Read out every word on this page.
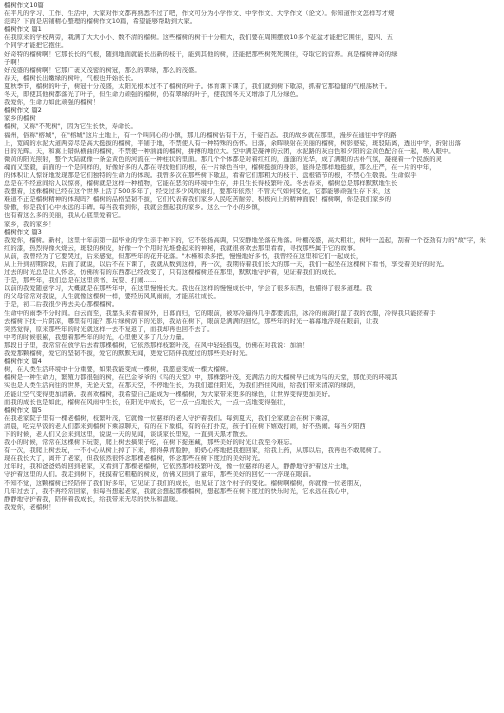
榴树作文10篇
在平凡的学习、工作、生活中，大家对作文都再熟悉不过了吧，作文可分为小学作文、中学作文、大学作文（论文）。你知道作文怎样写才规
范吗？下面是店铺精心整理的榴树作文10篇，希望能够帮助到大家。
榴树作文 篇1
在我原来的学校两旁，栽满了大大小小、数不清的榴树。这些榴树的树干十分粗大，我们要在周围摆放10多个花盆才能把它围住，夏四、五
个同学才能把它抱住。
好奇特的榴树啊！它那长长的气根，随到地面就能长出新的枝干，能到其他的树，还能把那些树死死围住，夺取它的营养。真是榴树神奇的绿
子啊！
好茂盛的榴树啊！它那广袤又茂密的树冠，那么的翠绿，那么的茂盛。
春天，榴树长出嫩绿的树叶，气根也开始长长。
夏秋季节，榴树的叶子，树冠十分茂盛，太阳光根本过不了榴树的叶子。体育课下课了，我们就到树下歇凉，抓着它那稳健的气根荡秋千。
冬天，即使其他树都落光了叶子，但生命力顽强的榴树，仍有翠绿的叶子，使我国冬天又增添了几分绿色。
我爱你，生命力如此顽强的榴树！
榴树作文 篇2
家乡的榴树
榴树，又称"不死树"，因为它生长快，寿命长。
福州，俗称"榕城"，在"榕城"这片土地上，有一个叫同心的小镇，那儿的榴树估有千万，千姿百态。我的故乡就在那里，漫步在通往中学的路
上，宽阔的水泥大道两旁尽是高大挺拔的榴树，平铺于地，不禁使人有一种特殊的伤怀。日落，余晖映射在美丽的榴树，树影婆娑，斑驳陆离，透出中学，折射出落
日的光辉。天，和翼上错纵横曲的榴树，不禁使一种汹涌的榴树，拼搏的地位大。空中满是凝神的云团，水泥路的灰白色和夕阳的金黄色配合在一起，唤入眼中。
微黄的阳光照射，整个大陆就像一条金黄色的河流在一种柱状的里面。那几个个体都是对着红红的，蓬蓬的光华，成了满眼的古朴气氛，凝视着一个民族的灵
魂而又坚毅，前面的一个是同样的，好像好多的人都在寻找他们的根，在一片绿色当中，榴树挺拔的身影，显得是那样地挺拔，那么庄严，在一片的中年，
的体积让人惊讶地发现那是它们独特的生命力的体现。我曾多次在那些树下歇息，看着它们那粗大的枝干、盘根错节的根，不禁心生敬畏。生命似乎
总是在不经意间给人以惊喜，榴树就是这样一种植物，它能在恶劣的环境中生存，并且生长得枝繁叶茂。冬去春来，榴树总是那样默默地生长
我想着，这株榴树已经在这个世界上活了500多年了，经受过多少风吹雨打，要那年依然！不管天气如何变化，它都能够顽强生存下来，这
难道不正是榴树精神的体现吗？榴树的品格坚韧不拔，它们代表着我们家乡人民吃苦耐劳、积极向上的精神面貌！榴树啊，你是我们家乡的
骄傲，你是我们心中永远的丰碑。每当我看到你，我就会想起我的家乡。这么一个小的乡镇，
也有着这么多的美丽，我从心底里爱着它。
家乡，我的家乡！
榴树作文 篇3
我爱你，榴树。新村，这里十年前第一届毕业的学生亲手种下的，它不张扬高调，只安静地坐落在角落。叶棚茂盛，高大粗壮，树叶一盖起，刮着一个苍劲有力的"故"字，朱
红的漆，热烈得像火烧云，斑驳的树皮，好像一个个用时光堆叠起来的神秘，我就很喜欢去那里看看，寻找那些属于它的故事。
从前，我曾经为了它要哭过，后来感觉，但那些年的花开花落。"木槿和杀多把，慢慢地好多书，我曾经在这里和它们一起成长，
从上升到初期阶段，后面了就说，以后不在下课了，我就从数到这样，再一次，我期待着我们长大的那一天，我们一起坐在这棵树下看书，享受着美好的时光。
过去的时光总是让人怀念，仿佛所有的东西都已经改变了，只有这棵榴树还在那里，默默地守护着，见证着我们的成长。
于是，那些年，我们总是在这里读书、玩耍、打闹……
以前的我爱随意学习，大概就是在那些年中，在这里慢慢长大。我也在这样的慢慢成长中，学会了很多东西，也懂得了很多道理。我
的父母常常对我说，人生就像这棵树一样，要经历风风雨雨，才能茁壮成长。
于是，初二后我很少再去关心那棵榴树。
生命中的雨季不分时间。白云而至，我靠头来看着窗外，日暮而归，它的眼前，被寒冷逼得几乎都要流泪，冰冷的雨滴打湿了我的衣服，冷得我只能搓着手
去榴树下找一片阴凉，哪里有可能？那片绿树荫下的光影，我站在树下，眼前是满满的回忆，那些年的时光一幕幕地浮现在眼前，让我
突然觉得，原来那些年的时光就这样一去不复返了，而我却再也回不去了。
中考的时候很累，我想着那些年的时光，心里便又多了几分力量。
那段日子里，我常常在放学后去看那棵榴树，它依然那样枝繁叶茂，在风中轻轻摇曳，仿佛在对我说：加油！
我爱那颗榴树，爱它的坚韧不拔，爱它的默默无闻，更爱它陪伴我度过的那些美好时光。
榴树作文 篇4
树，在人类生活环境中十分重要，如果我能变成一棵树，我愿意变成一棵大榴树。
榴树是一种生命力，繁殖力都很强的树，在巴金爷爷的《鸟的天堂》中，那株繁叶茂，充满活力的大榴树早已成为鸟的天堂，那优美的环境其
实也是人类生活向往的世界，无论天堂，在那天空，不停地生长，为我们遮住阳光，为我们挡住风雨，给我们带来清凉的绿荫，
还能让空气变得更加清新。我喜欢榴树，我希望自己能成为一棵榴树，为大家带来更多的绿色，让世界变得更加美好。
而我的成长也是如此，榴树在风雨中生长，在阳光中成长，它一点一点地长大，一点一点地变得强壮，
榴树作文 篇5
在我老家院子里有一棵老榴树，枝繁叶茂，它就像一位慈祥的老人守护着我们。每到夏天，我们全家就会在树下乘凉，
清晨，吃完早饭的老人们都来到榴树下乘凉聊天，有的在下象棋，有的在打扑克，孩子们在树下嬉戏打闹，好不热闹。每当夕阳西
下的时候，老人们又会来到这里，说说一天的见闻，谈谈家长里短，一直到天黑才散去。
我小的时候，常常在这棵树下玩耍，爬上树去摘果子吃，在树下捉迷藏，那些美好的时光让我至今难忘。
有一次，我爬上树去玩，一不小心从树上掉了下来，摔得鼻青脸肿，奶奶心疼地把我抱回家，给我上药，从那以后，我再也不敢爬树了。
现在我长大了，离开了老家，但我依然很怀念那棵老榴树，怀念那些在树下度过的美好时光。
过年时，我和爸爸妈妈回到老家，又看到了那棵老榴树，它依然那样枝繁叶茂，像一位慈祥的老人，静静地守护着这片土地，
守护着这里的人们。我走到树下，抚摸着它粗糙的树皮，仿佛又回到了童年，那些美好的回忆一一浮现在眼前。
不知不觉，这颗榴树已经陪伴了我们好多年，它见证了我们的成长，也见证了这个村子的变化。榴树啊榴树，你就像一位老朋友，
几年过去了，我不再经常回家，但每当想起老家，我就会想起那棵榴树，想起那些在树下度过的快乐时光，它永远在我心中，
静静地守护着我，陪伴着我成长，给我带来无尽的快乐和温暖。
我爱你，老榴树！
